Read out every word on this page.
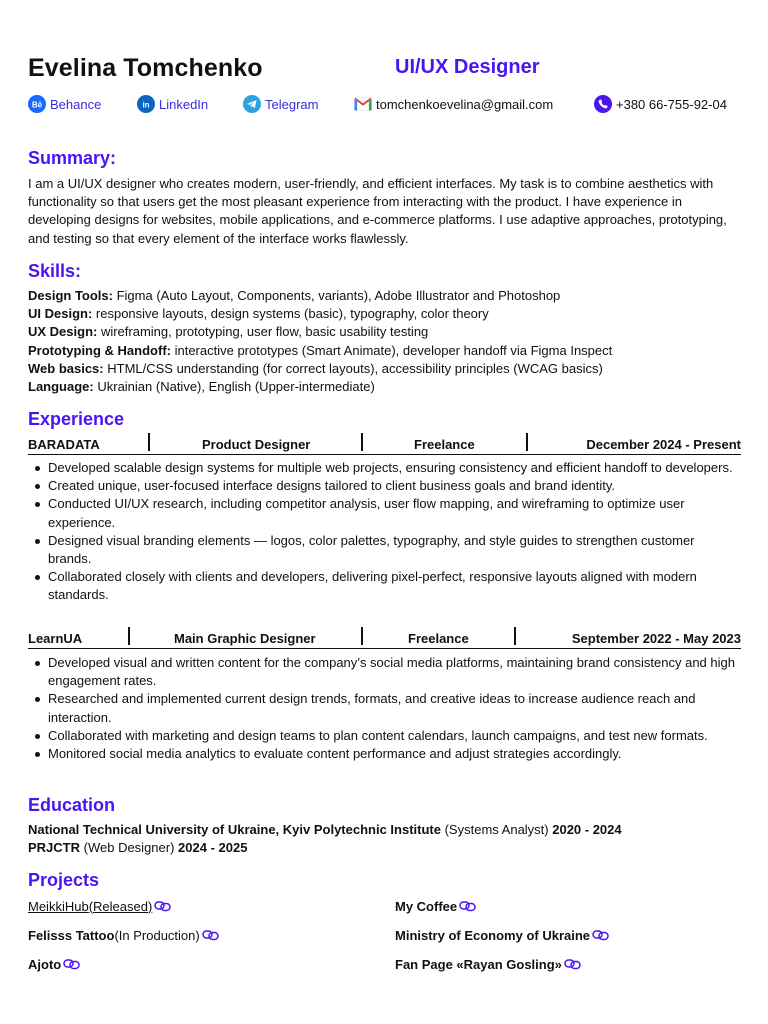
Evelina Tomchenko	UI/UX Designer
Bē Behance	in LinkedIn	Telegram	tomchenkoevelina@gmail.com	+380 66-755-92-04
Summary:
I am a UI/UX designer who creates modern, user-friendly, and efficient interfaces. My task is to combine aesthetics with functionality so that users get the most pleasant experience from interacting with the product. I have experience in developing designs for websites, mobile applications, and e-commerce platforms. I use adaptive approaches, prototyping, and testing so that every element of the interface works flawlessly.
Skills:
Design Tools: Figma (Auto Layout, Components, variants), Adobe Illustrator and Photoshop
UI Design: responsive layouts, design systems (basic), typography, color theory
UX Design: wireframing, prototyping, user flow, basic usability testing
Prototyping & Handoff: interactive prototypes (Smart Animate), developer handoff via Figma Inspect
Web basics: HTML/CSS understanding (for correct layouts), accessibility principles (WCAG basics)
Language: Ukrainian (Native), English (Upper-intermediate)
Experience
BARADATA	Product Designer	Freelance	December 2024 - Present
Developed scalable design systems for multiple web projects, ensuring consistency and efficient handoff to developers.
Created unique, user-focused interface designs tailored to client business goals and brand identity.
Conducted UI/UX research, including competitor analysis, user flow mapping, and wireframing to optimize user experience.
Designed visual branding elements — logos, color palettes, typography, and style guides to strengthen customer brands.
Collaborated closely with clients and developers, delivering pixel-perfect, responsive layouts aligned with modern standards.
LearnUA	Main Graphic Designer	Freelance	September 2022 - May 2023
Developed visual and written content for the company’s social media platforms, maintaining brand consistency and high engagement rates.
Researched and implemented current design trends, formats, and creative ideas to increase audience reach and interaction.
Collaborated with marketing and design teams to plan content calendars, launch campaigns, and test new formats.
Monitored social media analytics to evaluate content performance and adjust strategies accordingly.
Education
National Technical University of Ukraine, Kyiv Polytechnic Institute (Systems Analyst) 2020 - 2024
PRJCTR (Web Designer) 2024 - 2025
Projects
MeikkiHub (Released)	My Coffee
Felisss Tattoo (In Production)	Ministry of Economy of Ukraine
Ajoto	Fan Page «Rayan Gosling»
